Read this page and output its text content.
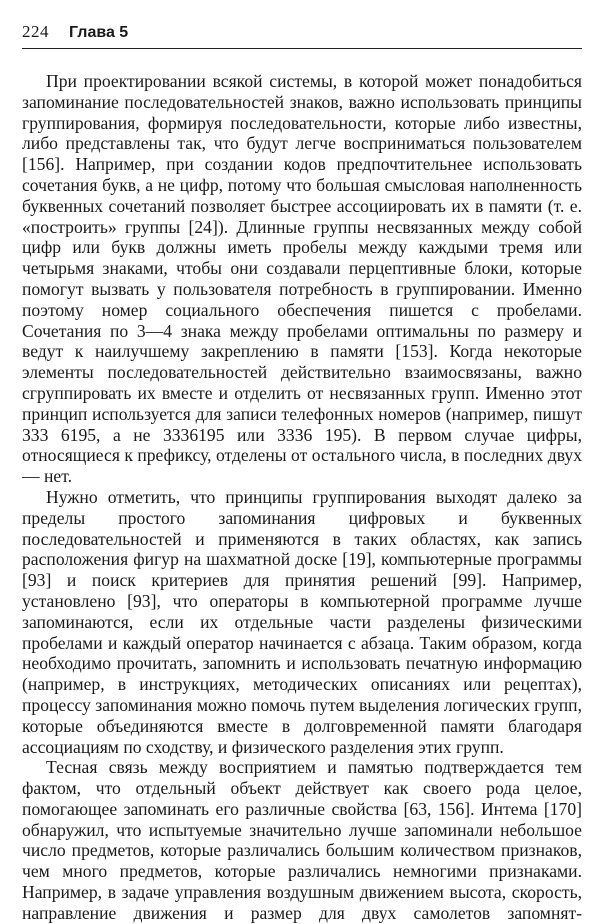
224 Глава 5

При проектировании всякой системы, в которой может понадобиться запоминание последовательностей знаков, важно использовать принципы группирования, формируя последовательности, которые либо известны, либо представлены так, что будут легче восприниматься пользователем [156]. Например, при создании кодов предпочтительнее использовать сочетания букв, а не цифр, потому что большая смысловая наполненность буквенных сочетаний позволяет быстрее ассоциировать их в памяти (т. е. «построить» группы [24]). Длинные группы несвязанных между собой цифр или букв должны иметь пробелы между каждыми тремя или четырьмя знаками, чтобы они создавали перцептивные блоки, которые помогут вызвать у пользователя потребность в группировании. Именно поэтому номер социального обеспечения пишется с пробелами. Сочетания по 3—4 знака между пробелами оптимальны по размеру и ведут к наилучшему закреплению в памяти [153]. Когда некоторые элементы последовательностей действительно взаимосвязаны, важно сгруппировать их вместе и отделить от несвязанных групп. Именно этот принцип используется для записи телефонных номеров (например, пишут 333 6195, а не 3336195 или 3336 195). В первом случае цифры, относящиеся к префиксу, отделены от остального числа, в последних двух — нет.

Нужно отметить, что принципы группирования выходят далеко за пределы простого запоминания цифровых и буквенных последовательностей и применяются в таких областях, как запись расположения фигур на шахматной доске [19], компьютерные программы [93] и поиск критериев для принятия решений [99]. Например, установлено [93], что операторы в компьютерной программе лучше запоминаются, если их отдельные части разделены физическими пробелами и каждый оператор начинается с абзаца. Таким образом, когда необходимо прочитать, запомнить и использовать печатную информацию (например, в инструкциях, методических описаниях или рецептах), процессу запоминания можно помочь путем выделения логических групп, которые объединяются вместе в долговременной памяти благодаря ассоциациям по сходству, и физического разделения этих групп.

Тесная связь между восприятием и памятью подтверждается тем фактом, что отдельный объект действует как своего рода целое, помогающее запоминать его различные свойства [63, 156]. Интема [170] обнаружил, что испытуемые значительно лучше запоминали небольшое число предметов, которые различались большим количеством признаков, чем много предметов, которые различались немногими признаками. Например, в задаче управления воздушным движением высота, скорость, направление движения и размер для двух самолетов запомнят-
